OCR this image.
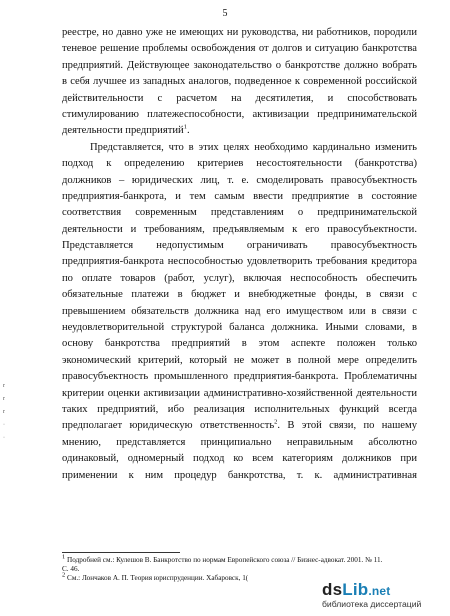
5
реестре, но давно уже не имеющих ни руководства, ни работников, породили
теневое решение проблемы освобождения от долгов и ситуацию банкротства
предприятий. Действующее законодательство о банкротстве должно вобрать
в себя лучшее из западных аналогов, подведенное к современной российской
действительности с расчетом на десятилетия, и способствовать
стимулированию платежеспособности, активизации предпринимательской
деятельности предприятий$^1$.
Представляется, что в этих целях необходимо кардинально изменить
подход к определению критериев несостоятельности (банкротства)
должников – юридических лиц, т. е. смоделировать правосубъектность
предприятия-банкрота, и тем самым ввести предприятие в состояние
соответствия современным представлениям о предпринимательской
деятельности и требованиям, предъявляемым к его правосубъектности.
Представляется недопустимым ограничивать правосубъектность
предприятия-банкрота неспособностью удовлетворить требования кредитора
по оплате товаров (работ, услуг), включая неспособность обеспечить
обязательные платежи в бюджет и внебюджетные фонды, в связи с
превышением обязательств должника над его имуществом или в связи с
неудовлетворительной структурой баланса должника. Иными словами, в
основу банкротства предприятий в этом аспекте положен только
экономический критерий, который не может в полной мере определить
правосубъектность промышленного предприятия-банкрота. Проблематичны
критерии оценки активизации административно-хозяйственной деятельности
таких предприятий, ибо реализация исполнительных функций всегда
предполагает юридическую ответственность$^2$. В этой связи, по нашему
мнению, представляется принципиально неправильным абсолютно
одинаковый, одномерный подход ко всем категориям должников при
применении к ним процедур банкротства, т. к. административная
$^1$ Подробней см.: Кулешов В. Банкротство по нормам Европейского союза // Бизнес-адвокат. 2001. № 11.
С. 46.
$^2$ См.: Лончаков А. П. Теория юриспруденции. Хабаровск, 1(
r
r
r
·
·
dsLib.net
библиотека диссертаций
